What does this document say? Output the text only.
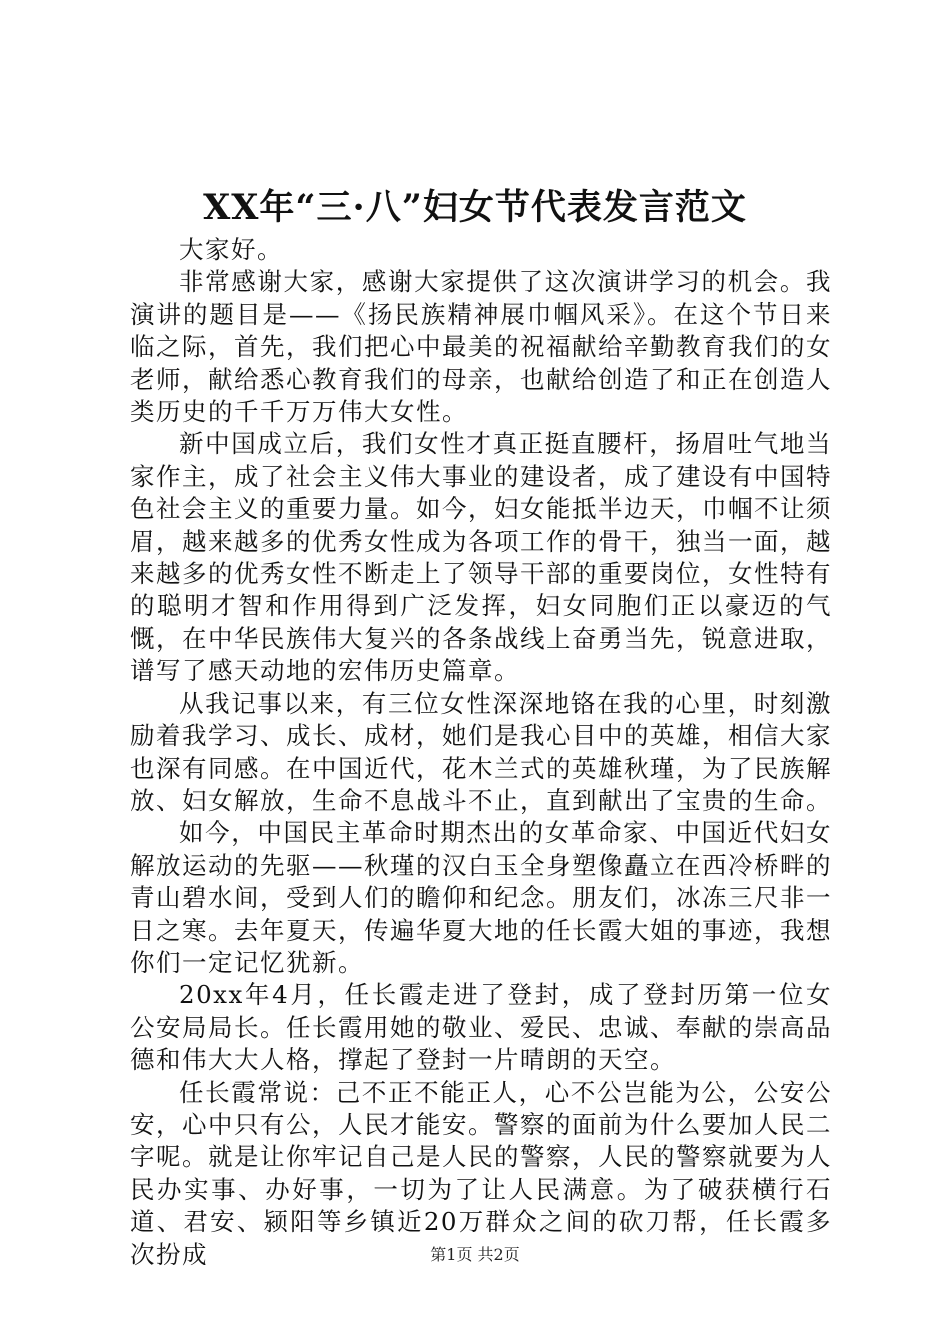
XX年“三·八”妇女节代表发言范文

大家好。

非常感谢大家，感谢大家提供了这次演讲学习的机会。我演讲的题目是——《扬民族精神展巾帼风采》。在这个节日来临之际，首先，我们把心中最美的祝福献给辛勤教育我们的女老师，献给悉心教育我们的母亲，也献给创造了和正在创造人类历史的千千万万伟大女性。

新中国成立后，我们女性才真正挺直腰杆，扬眉吐气地当家作主，成了社会主义伟大事业的建设者，成了建设有中国特色社会主义的重要力量。如今，妇女能抵半边天，巾帼不让须眉，越来越多的优秀女性成为各项工作的骨干，独当一面，越来越多的优秀女性不断走上了领导干部的重要岗位，女性特有的聪明才智和作用得到广泛发挥，妇女同胞们正以豪迈的气慨，在中华民族伟大复兴的各条战线上奋勇当先，锐意进取，谱写了感天动地的宏伟历史篇章。

从我记事以来，有三位女性深深地铬在我的心里，时刻激励着我学习、成长、成材，她们是我心目中的英雄，相信大家也深有同感。在中国近代，花木兰式的英雄秋瑾，为了民族解放、妇女解放，生命不息战斗不止，直到献出了宝贵的生命。

如今，中国民主革命时期杰出的女革命家、中国近代妇女解放运动的先驱——秋瑾的汉白玉全身塑像矗立在西冷桥畔的青山碧水间，受到人们的瞻仰和纪念。朋友们，冰冻三尺非一日之寒。去年夏天，传遍华夏大地的任长霞大姐的事迹，我想你们一定记忆犹新。

20xx年4月，任长霞走进了登封，成了登封历第一位女公安局局长。任长霞用她的敬业、爱民、忠诚、奉献的崇高品德和伟大大人格，撑起了登封一片晴朗的天空。

任长霞常说：己不正不能正人，心不公岂能为公，公安公安，心中只有公，人民才能安。警察的面前为什么要加人民二字呢。就是让你牢记自己是人民的警察，人民的警察就要为人民办实事、办好事，一切为了让人民满意。为了破获横行石道、君安、颍阳等乡镇近20万群众之间的砍刀帮，任长霞多次扮成	第1页 共2页
